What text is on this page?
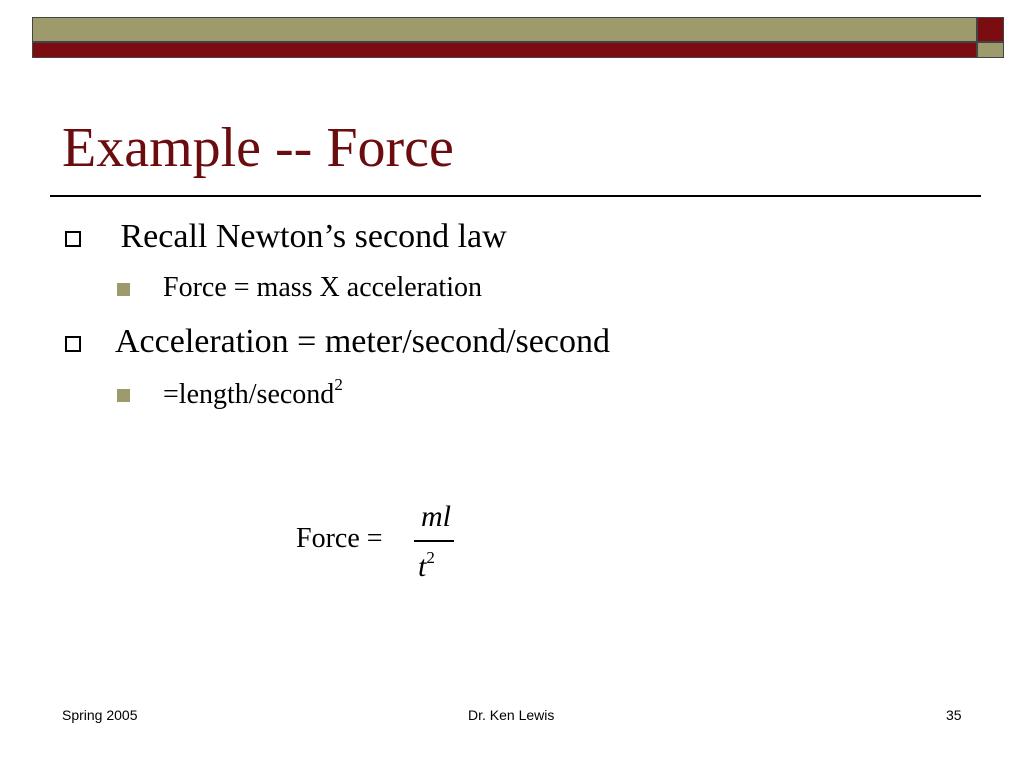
Example -- Force
Recall Newton’s second law
Force = mass X acceleration
Acceleration = meter/second/second
=length/second$^2$
Force =
ml
$t^2$
Spring 2005	Dr. Ken Lewis	35
